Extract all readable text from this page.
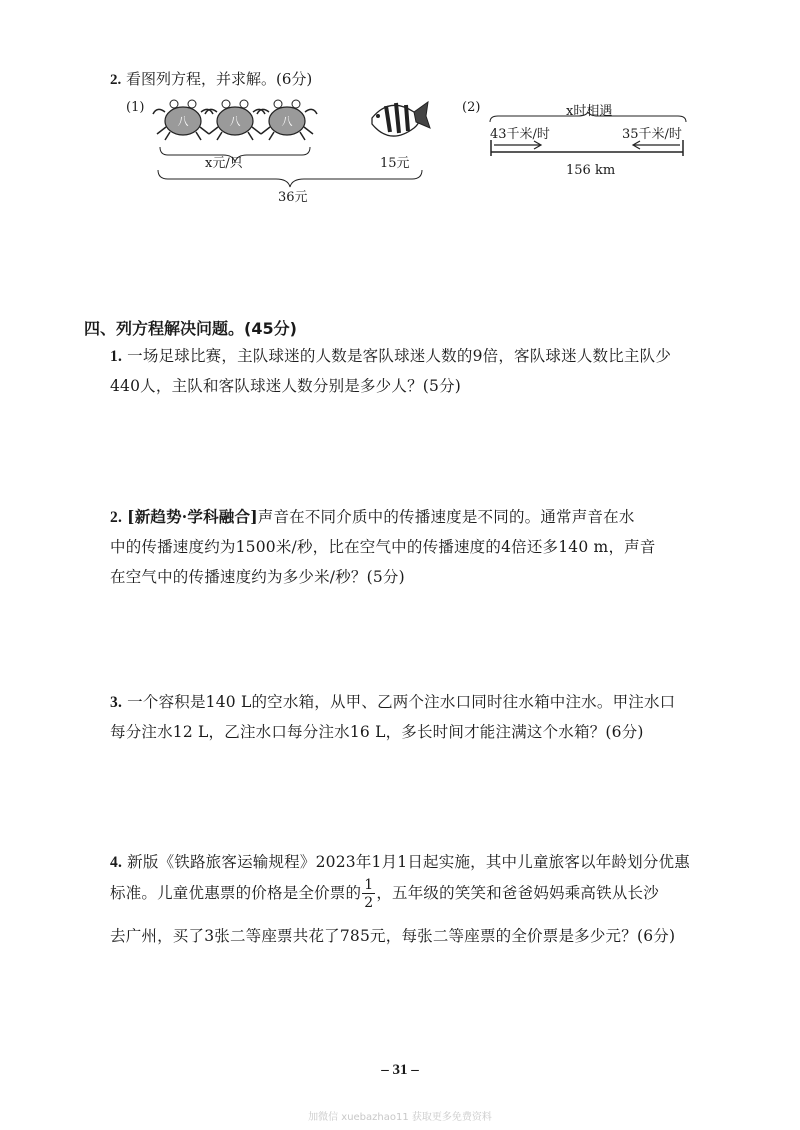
2. 看图列方程，并求解。(6分)
(1)
八	八	八
x元/只	15元
36元
(2)	x时相遇
43千米/时	35千米/时
156 km
四、列方程解决问题。(45分)
1. 一场足球比赛，主队球迷的人数是客队球迷人数的9倍，客队球迷人数比主队少
440人，主队和客队球迷人数分别是多少人？(5分)
2. [新趋势·学科融合]声音在不同介质中的传播速度是不同的。通常声音在水
中的传播速度约为1500米/秒，比在空气中的传播速度的4倍还多140 m，声音
在空气中的传播速度约为多少米/秒？(5分)
3. 一个容积是140 L的空水箱，从甲、乙两个注水口同时往水箱中注水。甲注水口
每分注水12 L，乙注水口每分注水16 L，多长时间才能注满这个水箱？(6分)
4. 新版《铁路旅客运输规程》2023年1月1日起实施，其中儿童旅客以年龄划分优惠
标准。儿童优惠票的价格是全价票的 $\frac{1}{2}$ ，五年级的笑笑和爸爸妈妈乘高铁从长沙
去广州，买了3张二等座票共花了785元，每张二等座票的全价票是多少元？(6分)
– 31 –
加微信 xuebazhao11 获取更多免费资料
